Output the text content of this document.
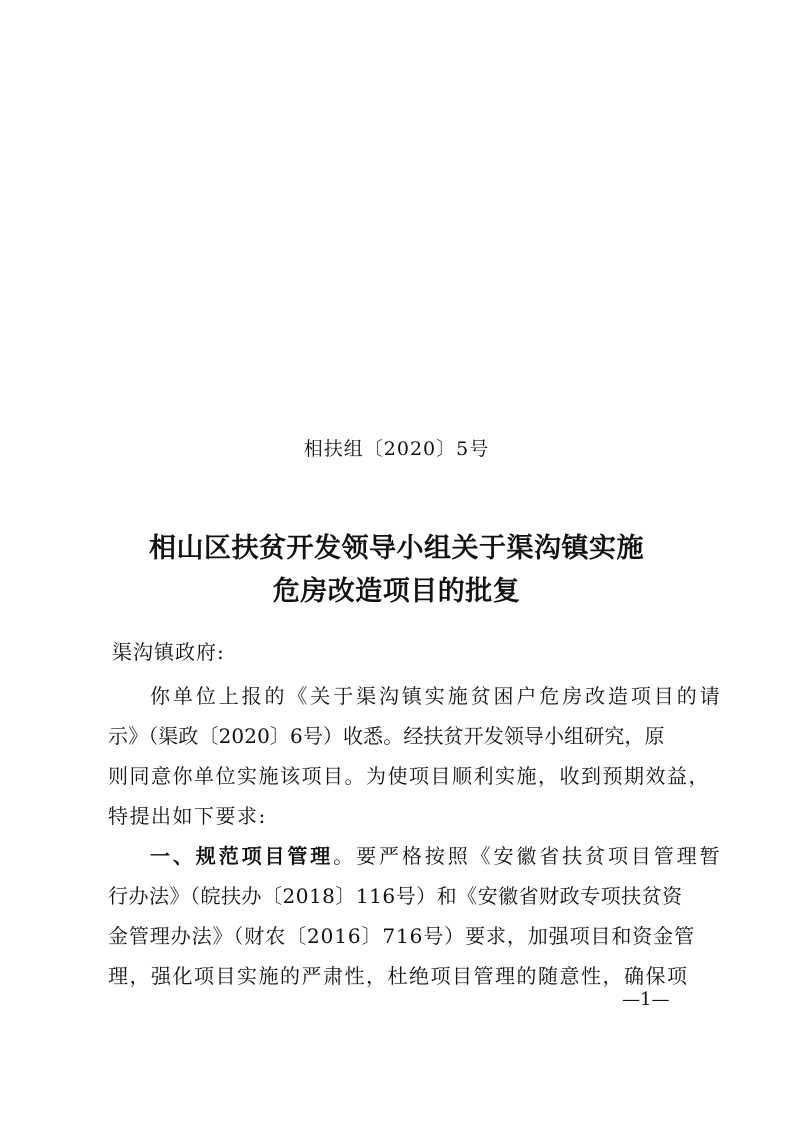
相扶组〔2020〕5号
相山区扶贫开发领导小组关于渠沟镇实施
危房改造项目的批复
渠沟镇政府:
你单位上报的《关于渠沟镇实施贫困户危房改造项目的请
示》（渠政〔2020〕6号）收悉。经扶贫开发领导小组研究，原
则同意你单位实施该项目。为使项目顺利实施，收到预期效益，
特提出如下要求:
一、规范项目管理。要严格按照《安徽省扶贫项目管理暂
行办法》（皖扶办〔2018〕116号）和《安徽省财政专项扶贫资
金管理办法》（财农〔2016〕716号）要求，加强项目和资金管
理，强化项目实施的严肃性，杜绝项目管理的随意性，确保项
—1—
